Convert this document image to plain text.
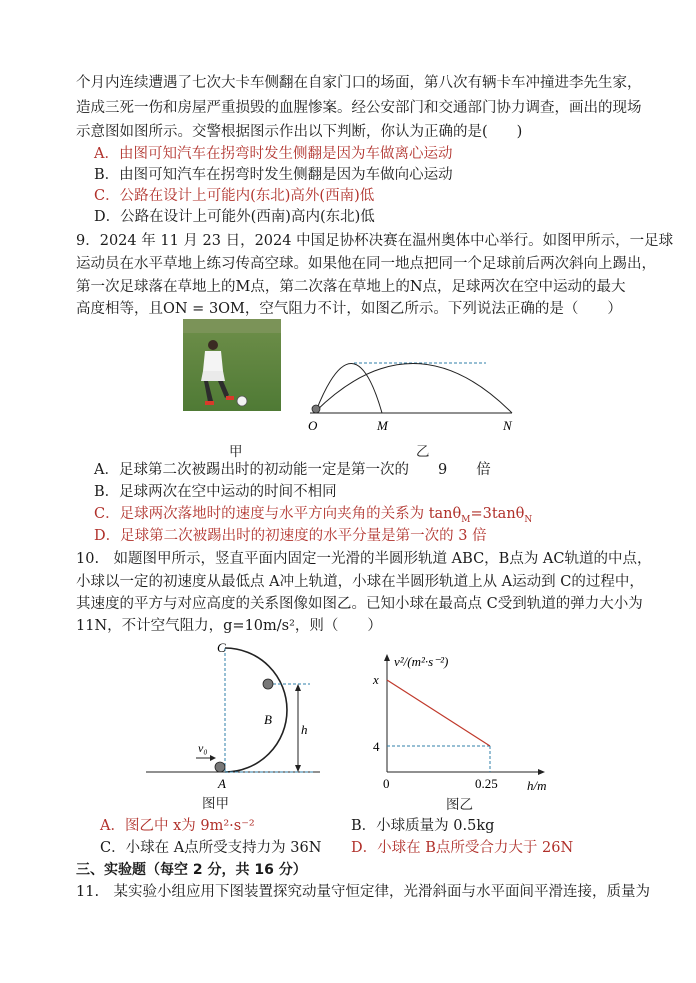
个月内连续遭遇了七次大卡车侧翻在自家门口的场面，第八次有辆卡车冲撞进李先生家，
造成三死一伤和房屋严重损毁的血腥惨案。经公安部门和交通部门协力调查，画出的现场
示意图如图所示。交警根据图示作出以下判断，你认为正确的是(　　)
A．由图可知汽车在拐弯时发生侧翻是因为车做离心运动
B．由图可知汽车在拐弯时发生侧翻是因为车做向心运动
C．公路在设计上可能内(东北)高外(西南)低
D．公路在设计上可能外(西南)高内(东北)低
9．2024 年 11 月 23 日，2024 中国足协杯决赛在温州奥体中心举行。如图甲所示，一足球
运动员在水平草地上练习传高空球。如果他在同一地点把同一个足球前后两次斜向上踢出，
第一次足球落在草地上的M点，第二次落在草地上的N点，足球两次在空中运动的最大
高度相等，且ON = 3OM，空气阻力不计，如图乙所示。下列说法正确的是（　　）
甲
O	M	N
乙
A．足球第二次被踢出时的初动能一定是第一次的　　9　　倍
B．足球两次在空中运动的时间不相同
C．足球两次落地时的速度与水平方向夹角的关系为 tanθ$_M$=3tanθ$_N$
D．足球第二次被踢出时的初速度的水平分量是第一次的 3 倍
10.　如题图甲所示，竖直平面内固定一光滑的半圆形轨道 ABC，B点为 AC轨道的中点，
小球以一定的初速度从最低点 A冲上轨道，小球在半圆形轨道上从 A运动到 C的过程中，
其速度的平方与对应高度的关系图像如图乙。已知小球在最高点 C受到轨道的弹力大小为
11N，不计空气阻力，g=10m/s²，则（　　）
C
B
A
h
v₀
图甲
v²/(m²·s⁻²)
h/m
x
4
0	0.25
图乙
A．图乙中 x为 9m²·s⁻²	B．小球质量为 0.5kg
C．小球在 A点所受支持力为 36N D．小球在 B点所受合力大于 26N
三、实验题（每空 2 分，共 16 分）
11.　某实验小组应用下图装置探究动量守恒定律，光滑斜面与水平面间平滑连接，质量为
